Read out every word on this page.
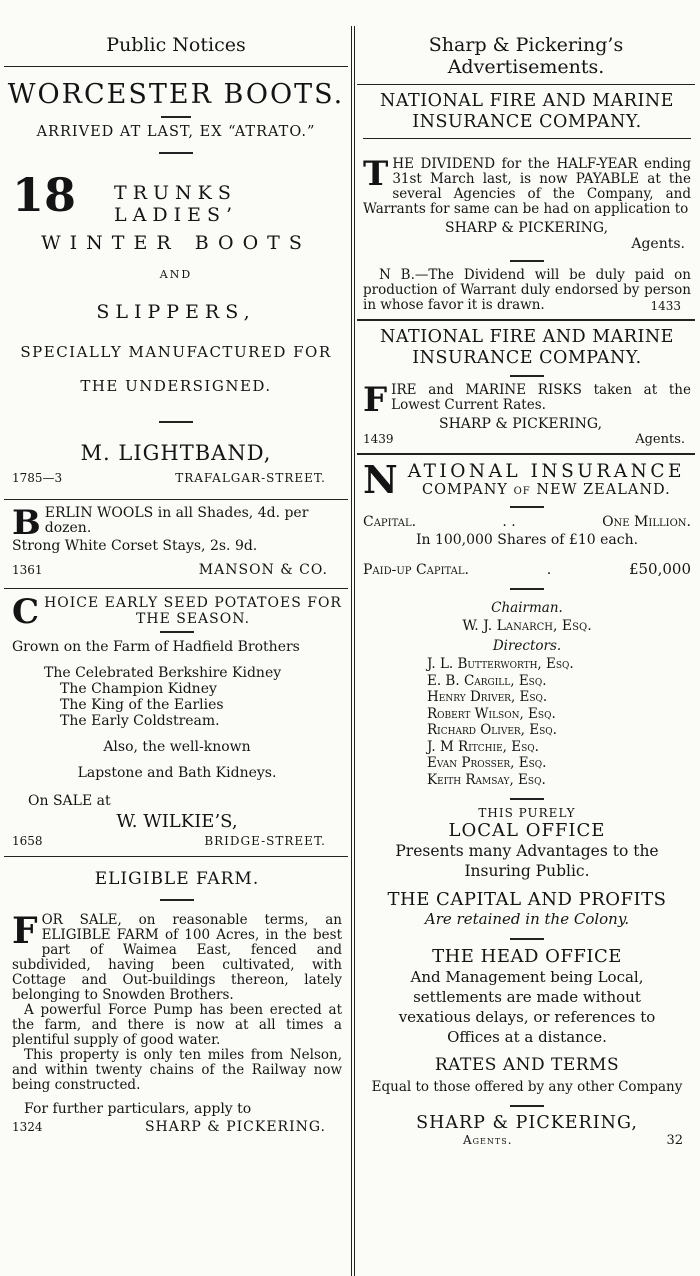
Public Notices
WORCESTER BOOTS.
ARRIVED AT LAST, EX “ATRATO.”
18 TRUNKS LADIES’
WINTER BOOTS
AND
SLIPPERS,
SPECIALLY MANUFACTURED FOR
THE UNDERSIGNED.
M. LIGHTBAND,
1785—3	TRAFALGAR-STREET.
B ERLIN WOOLS in all Shades, 4d. per dozen.
Strong White Corset Stays, 2s. 9d.
1361	MANSON & CO.
C HOICE EARLY SEED POTATOES FOR THE SEASON.
Grown on the Farm of Hadfield Brothers
The Celebrated Berkshire Kidney
The Champion Kidney
The King of the Earlies
The Early Coldstream.
Also, the well-known
Lapstone and Bath Kidneys.
On SALE at
W. WILKIE’S,
1658	BRIDGE-STREET.
ELIGIBLE FARM.
F OR SALE, on reasonable terms, an ELIGIBLE FARM of 100 Acres, in the best part of Waimea East, fenced and subdivided, having been cultivated, with Cottage and Out-buildings thereon, lately belonging to Snowden Brothers.
A powerful Force Pump has been erected at the farm, and there is now at all times a plentiful supply of good water.
This property is only ten miles from Nelson, and within twenty chains of the Railway now being constructed.
For further particulars, apply to
1324	SHARP & PICKERING.
Sharp & Pickering’s Advertisements.
NATIONAL FIRE AND MARINE INSURANCE COMPANY.
T HE DIVIDEND for the HALF-YEAR ending 31st March last, is now PAYABLE at the several Agencies of the Company, and Warrants for same can be had on application to
SHARP & PICKERING,
Agents.
N B.—The Dividend will be duly paid on production of Warrant duly endorsed by person in whose favor it is drawn.	1433
NATIONAL FIRE AND MARINE INSURANCE COMPANY.
F IRE and MARINE RISKS taken at the Lowest Current Rates.
SHARP & PICKERING,
1439	Agents.
N ATIONAL INSURANCE
COMPANY of NEW ZEALAND.
Capital.	. .	One Million.
In 100,000 Shares of £10 each.
Paid-up Capital.	.	£50,000
Chairman.
W. J. Lanarch, Esq.
Directors.
J. L. Butterworth, Esq.
E. B. Cargill, Esq.
Henry Driver, Esq.
Robert Wilson, Esq.
Richard Oliver, Esq.
J. M Ritchie, Esq.
Evan Prosser, Esq.
Keith Ramsay, Esq.
THIS PURELY
LOCAL OFFICE
Presents many Advantages to the Insuring Public.
THE CAPITAL AND PROFITS
Are retained in the Colony.
THE HEAD OFFICE
And Management being Local, settlements are made without vexatious delays, or references to Offices at a distance.
RATES AND TERMS
Equal to those offered by any other Company
SHARP & PICKERING,
Agents.	32
